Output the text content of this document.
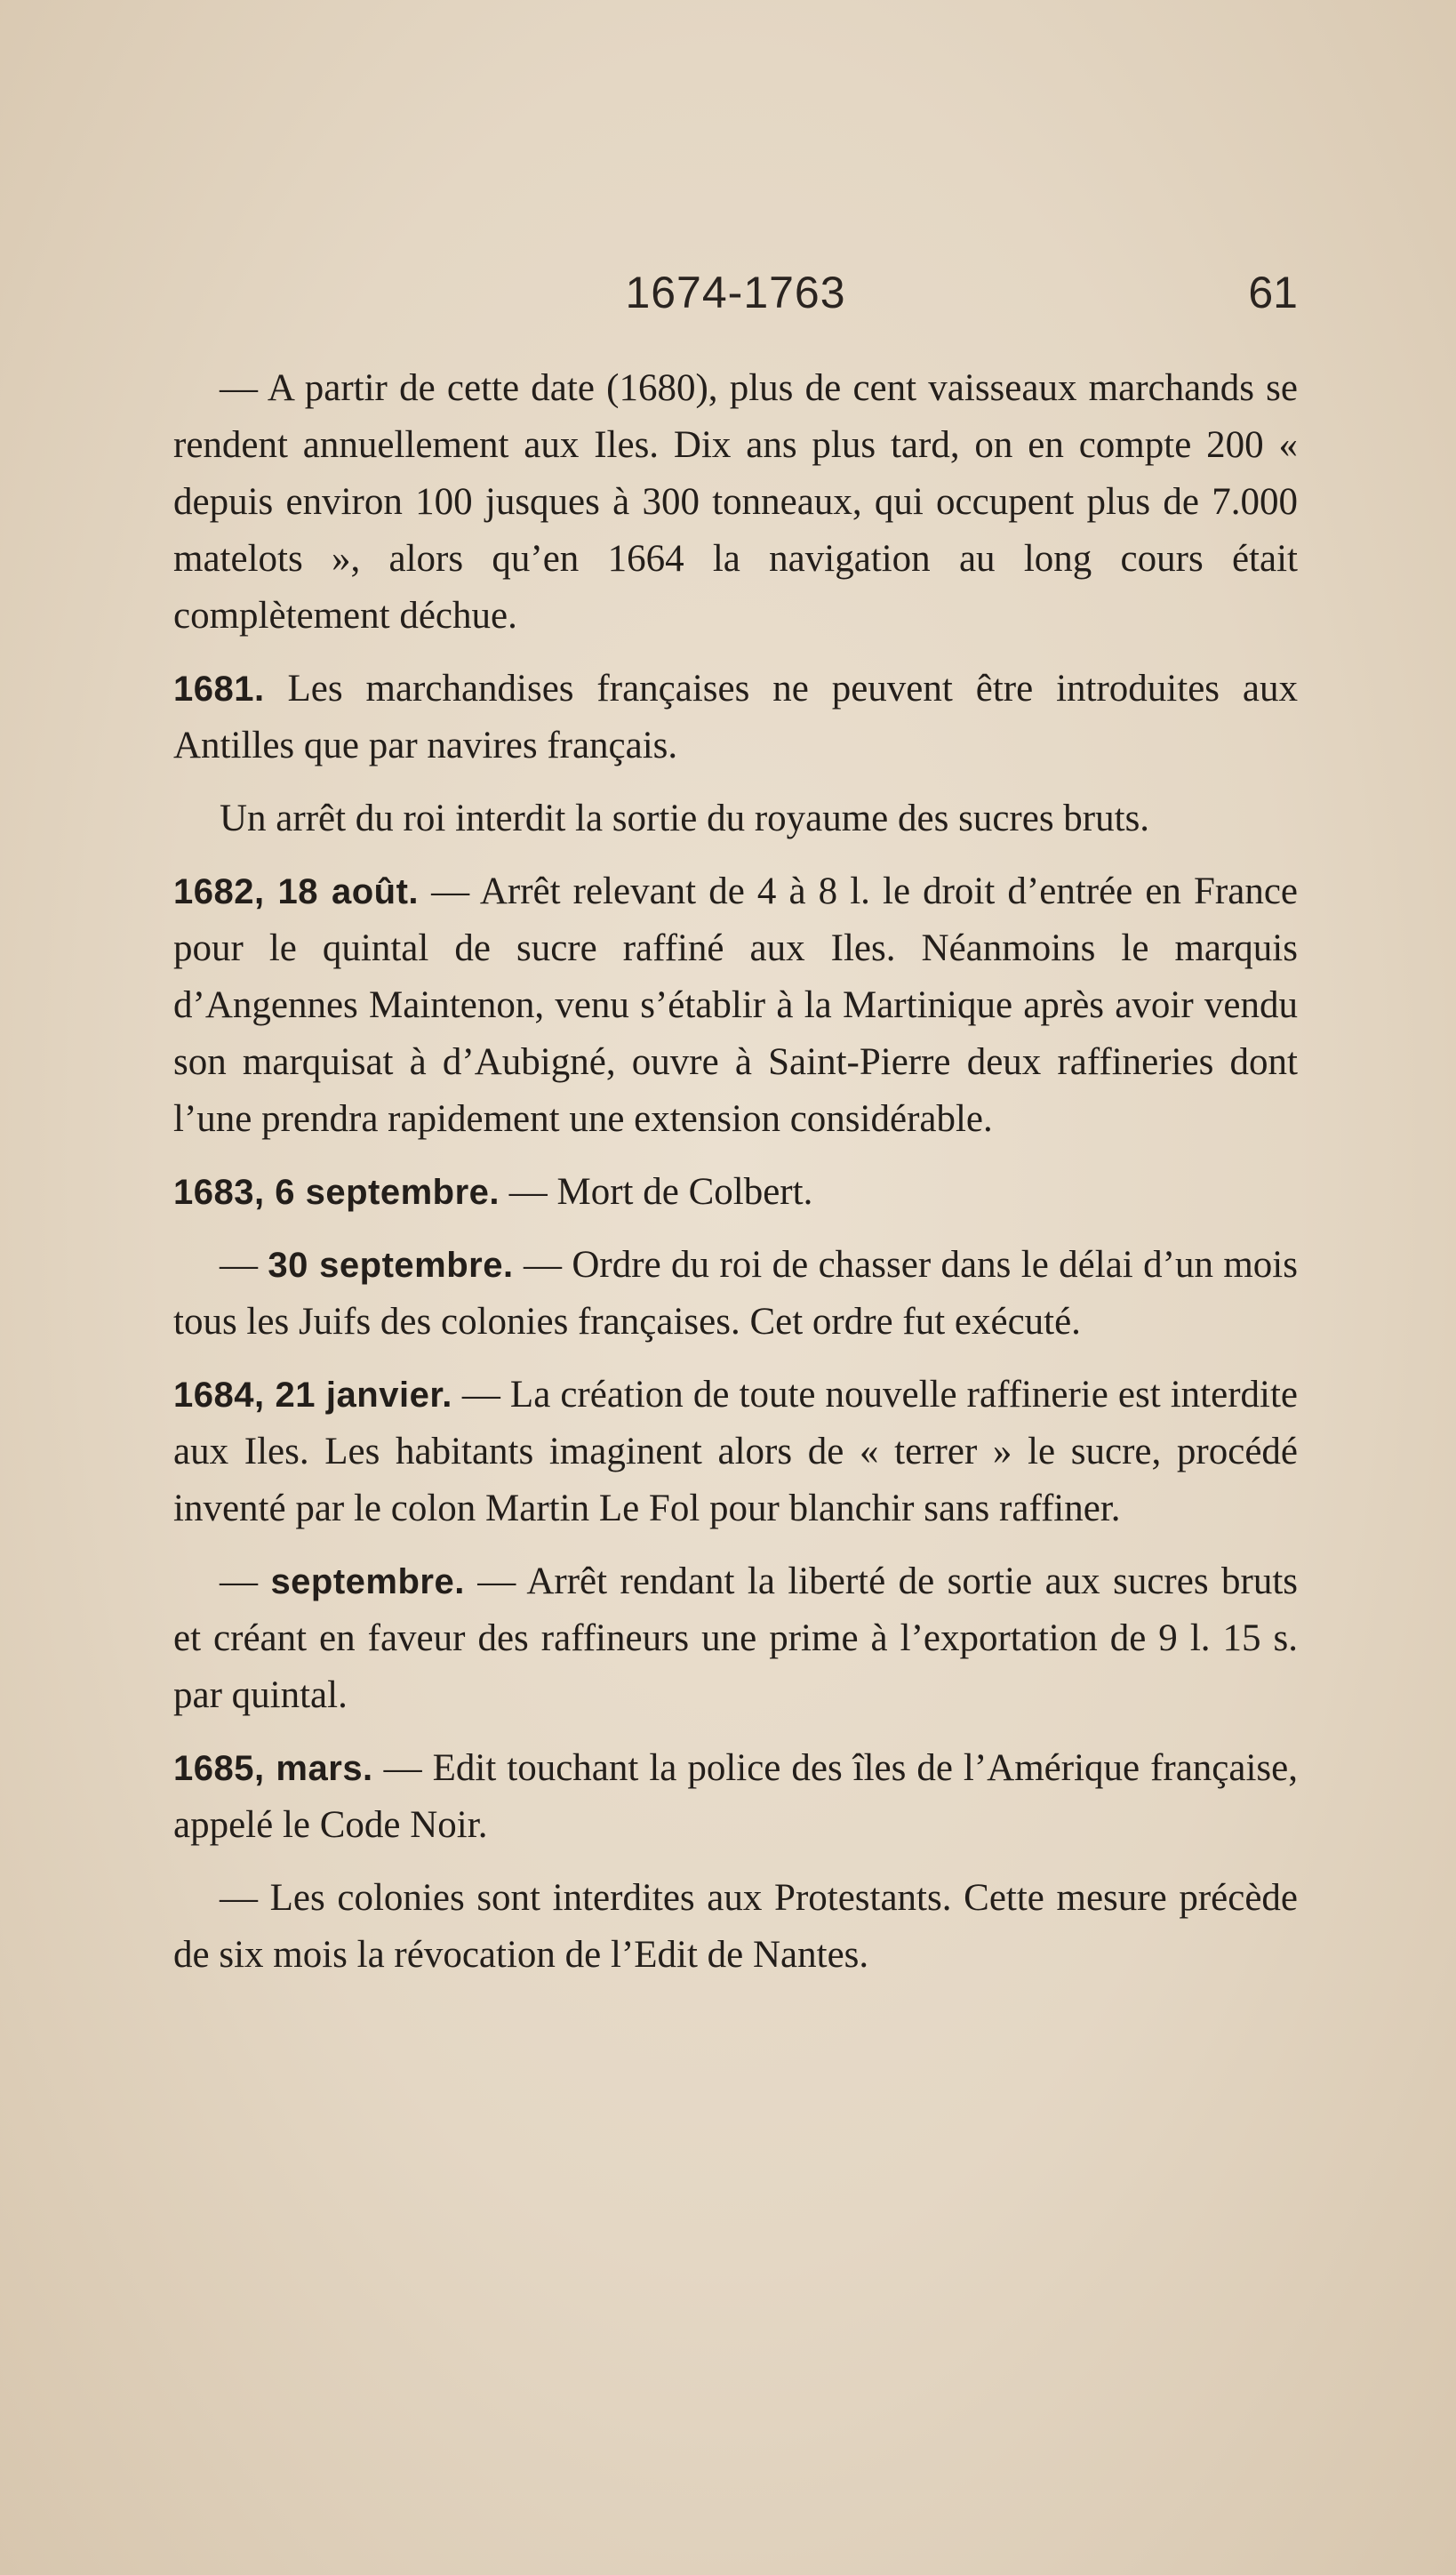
1674-1763	61

— A partir de cette date (1680), plus de cent vaisseaux marchands se rendent annuellement aux Iles. Dix ans plus tard, on en compte 200 « depuis environ 100 jusques à 300 tonneaux, qui occupent plus de 7.000 matelots », alors qu’en 1664 la navigation au long cours était complètement déchue.

1681. Les marchandises françaises ne peuvent être introduites aux Antilles que par navires français.

Un arrêt du roi interdit la sortie du royaume des sucres bruts.

1682, 18 août. — Arrêt relevant de 4 à 8 l. le droit d’entrée en France pour le quintal de sucre raffiné aux Iles. Néanmoins le marquis d’Angennes Maintenon, venu s’établir à la Martinique après avoir vendu son marquisat à d’Aubigné, ouvre à Saint-Pierre deux raffineries dont l’une prendra rapidement une extension considérable.

1683, 6 septembre. — Mort de Colbert.

— 30 septembre. — Ordre du roi de chasser dans le délai d’un mois tous les Juifs des colonies françaises. Cet ordre fut exécuté.

1684, 21 janvier. — La création de toute nouvelle raffinerie est interdite aux Iles. Les habitants imaginent alors de « terrer » le sucre, procédé inventé par le colon Martin Le Fol pour blanchir sans raffiner.

— septembre. — Arrêt rendant la liberté de sortie aux sucres bruts et créant en faveur des raffineurs une prime à l’exportation de 9 l. 15 s. par quintal.

1685, mars. — Edit touchant la police des îles de l’Amérique française, appelé le Code Noir.

— Les colonies sont interdites aux Protestants. Cette mesure précède de six mois la révocation de l’Edit de Nantes.
